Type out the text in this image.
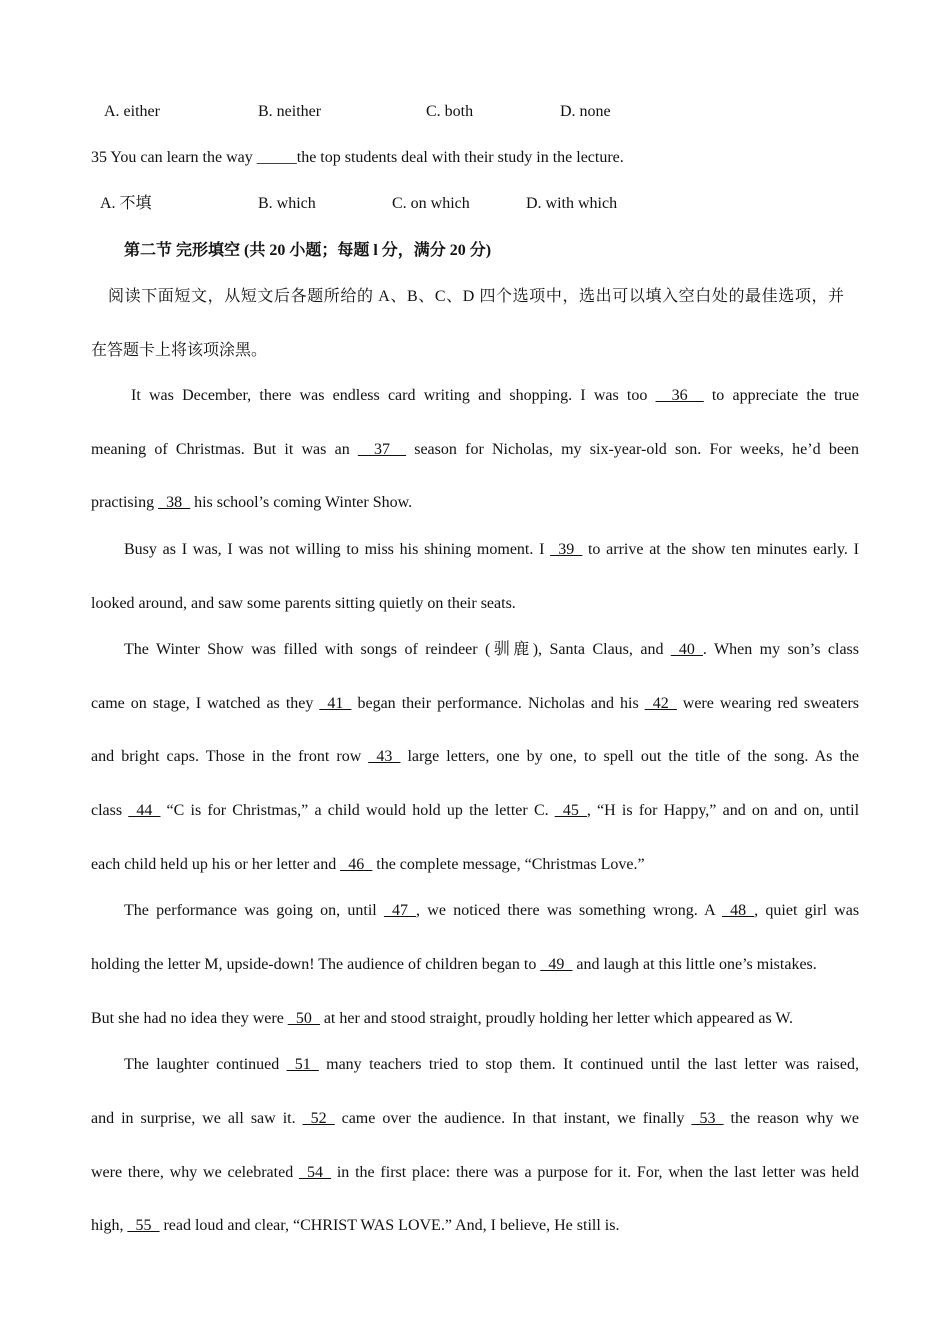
A. either	B. neither	C. both	D. none
35 You can learn the way _____the top students deal with their study in the lecture.
A. 不填	B. which	C. on which	D. with which
第二节 完形填空 (共 20 小题；每题 l 分，满分 20 分)
阅读下面短文，从短文后各题所给的 A、B、C、D 四个选项中，选出可以填入空白处的最佳选项，并
在答题卡上将该项涂黑。
It was December, there was endless card writing and shopping. I was too __36__ to appreciate the true
meaning of Christmas. But it was an __37__ season for Nicholas, my six-year-old son. For weeks, he’d been
practising _38_ his school’s coming Winter Show.
Busy as I was, I was not willing to miss his shining moment. I _39_ to arrive at the show ten minutes early. I
looked around, and saw some parents sitting quietly on their seats.
The Winter Show was filled with songs of reindeer (驯鹿), Santa Claus, and _40_. When my son’s class
came on stage, I watched as they _41_ began their performance. Nicholas and his _42_ were wearing red sweaters
and bright caps. Those in the front row _43_ large letters, one by one, to spell out the title of the song. As the
class _44_ “C is for Christmas,” a child would hold up the letter C. _45_, “H is for Happy,” and on and on, until
each child held up his or her letter and _46_ the complete message, “Christmas Love.”
The performance was going on, until _47_, we noticed there was something wrong. A _48_, quiet girl was
holding the letter M, upside-down! The audience of children began to _49_ and laugh at this little one’s mistakes.
But she had no idea they were _50_ at her and stood straight, proudly holding her letter which appeared as W.
The laughter continued _51_ many teachers tried to stop them. It continued until the last letter was raised,
and in surprise, we all saw it. _52_ came over the audience. In that instant, we finally _53_ the reason why we
were there, why we celebrated _54_ in the first place: there was a purpose for it. For, when the last letter was held
high, _55_ read loud and clear, “CHRIST WAS LOVE.” And, I believe, He still is.
